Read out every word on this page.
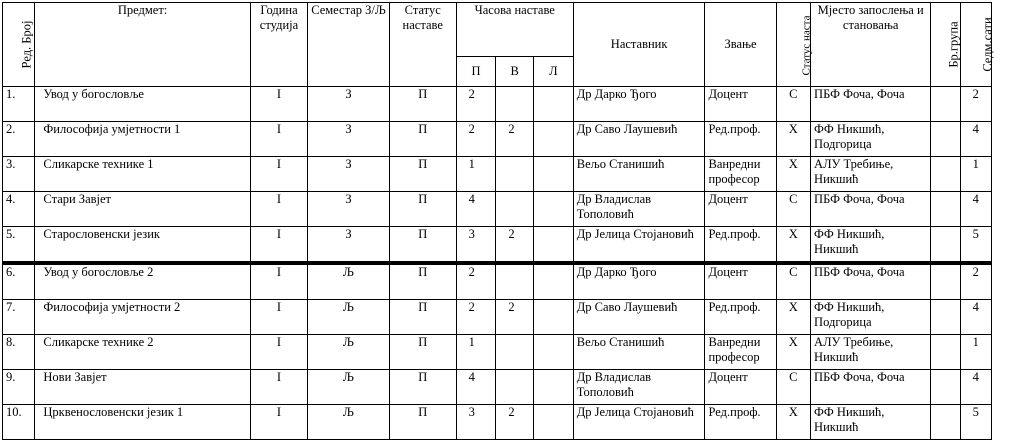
Ред. Број	Предмет:	Година студија	Семестар З/Љ	Статус наставе	Часова наставе			Наставник	Звање	Статус наста	Мјесто запослења и становања	Бр.група	Седм.сати
					П	В	Л						
1.	Увод у богословље	I	З	П	2			Др Дарко Ђого	Доцент	С	ПБФ Фоча, Фоча		2
2.	Философија умјетности 1	I	З	П	2	2		Др Саво Лаушевић	Ред.проф.	Х	ФФ Никшић, Подгорица		4
3.	Сликарске технике 1	I	З	П	1			Вељо Станишић	Ванредни професор	Х	АЛУ Требиње, Никшић		1
4.	Стари Завјет	I	З	П	4			Др Владислав Тополовић	Доцент	С	ПБФ Фоча, Фоча		4
5.	Старословенски језик	I	З	П	3	2		Др Јелица Стојановић	Ред.проф.	Х	ФФ Никшић, Никшић		5
6.	Увод у богословље 2	I	Љ	П	2			Др Дарко Ђого	Доцент	С	ПБФ Фоча, Фоча		2
7.	Философија умјетности 2	I	Љ	П	2	2		Др Саво Лаушевић	Ред.проф.	Х	ФФ Никшић, Подгорица		4
8.	Сликарске технике 2	I	Љ	П	1			Вељо Станишић	Ванредни професор	Х	АЛУ Требиње, Никшић		1
9.	Нови Завјет	I	Љ	П	4			Др Владислав Тополовић	Доцент	С	ПБФ Фоча, Фоча		4
10.	Црквенословенски језик 1	I	Љ	П	3	2		Др Јелица Стојановић	Ред.проф.	Х	ФФ Никшић, Никшић		5
